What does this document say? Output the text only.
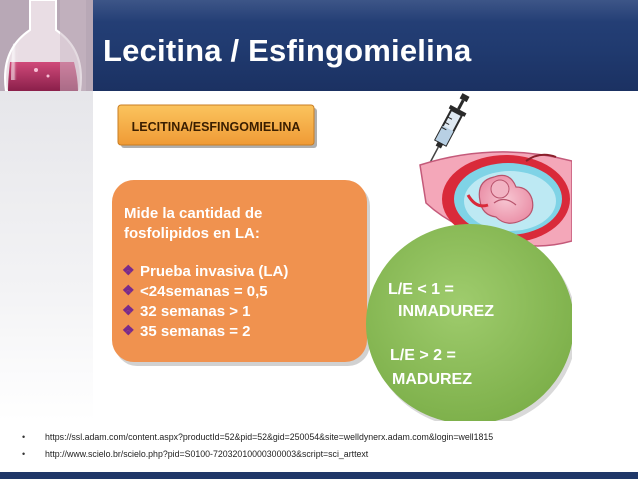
Lecitina / Esfingomielina
LECITINA/ESFINGOMIELINA
Mide la cantidad de
fosfolipidos en LA:
❖ Prueba invasiva (LA)
❖ <24semanas = 0,5
❖ 32 semanas > 1
❖ 35 semanas = 2
L/E < 1 =
INMADUREZ
L/E > 2 =
MADUREZ
•	https://ssl.adam.com/content.aspx?productId=52&pid=52&gid=250054&site=welldynerx.adam.com&login=well1815
•	http://www.scielo.br/scielo.php?pid=S0100-72032010000300003&script=sci_arttext
